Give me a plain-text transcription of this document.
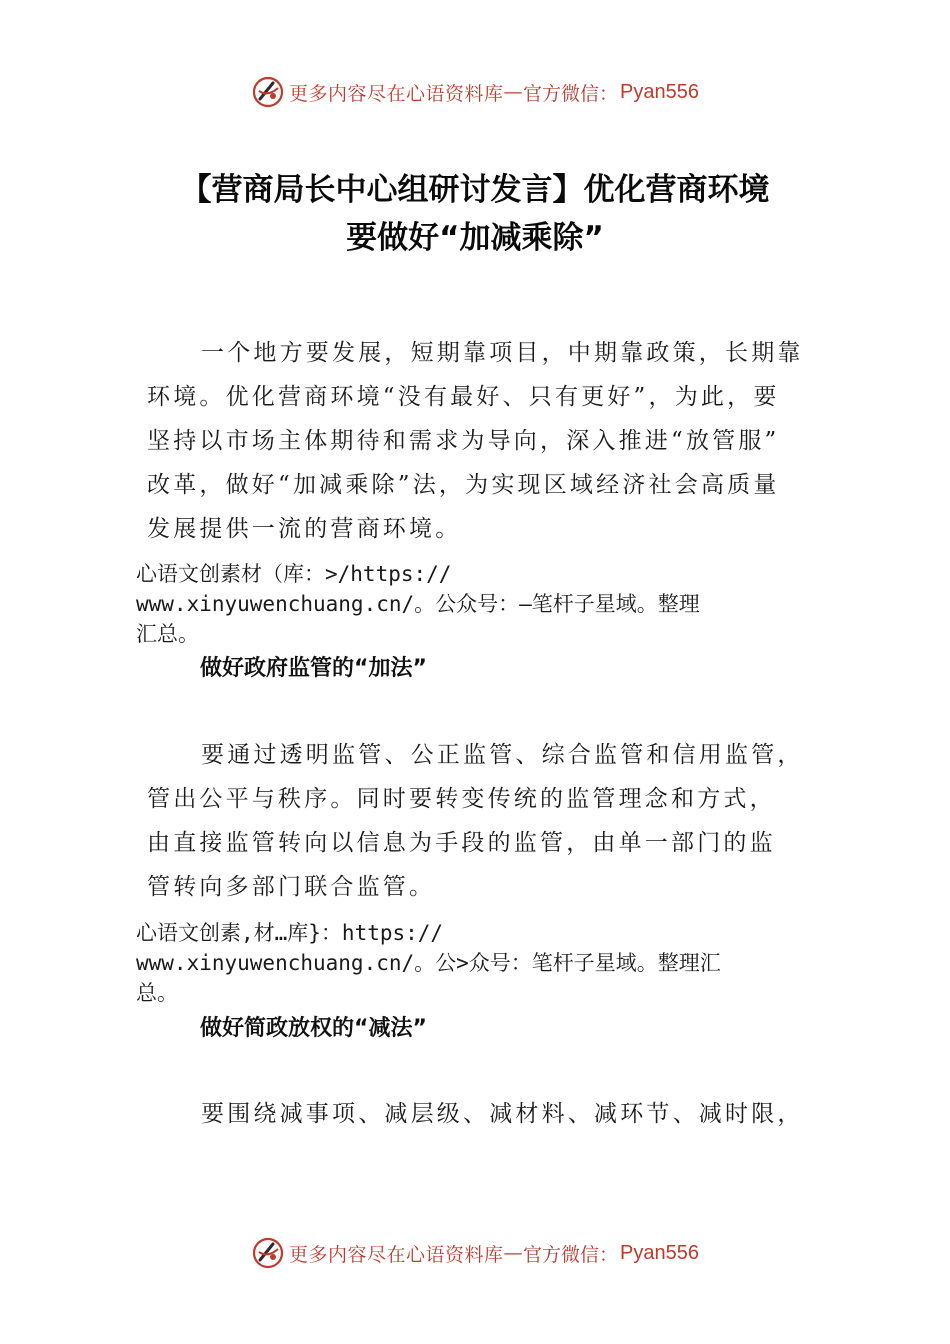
更多内容尽在心语资料库 — 官方微信： Pyan556
【营商局长中心组研讨发言】优化营商环境
要做好“加减乘除”
一个地方要发展，短期靠项目，中期靠政策，长期靠
环境。优化营商环境“没有最好、只有更好”，为此，要
坚持以市场主体期待和需求为导向，深入推进“放管服”
改革，做好“加减乘除”法，为实现区域经济社会高质量
发展提供一流的营商环境。
心语文创素材（库：>/https://
www.xinyuwenchuang.cn/。公众号：—笔杆子星域。整理
汇总。
做好政府监管的“加法”
要通过透明监管、公正监管、综合监管和信用监管，
管出公平与秩序。同时要转变传统的监管理念和方式，
由直接监管转向以信息为手段的监管，由单一部门的监
管转向多部门联合监管。
心语文创素,材…库}：https://
www.xinyuwenchuang.cn/。公>众号：笔杆子星域。整理汇
总。
做好简政放权的“减法”
要围绕减事项、减层级、减材料、减环节、减时限，
更多内容尽在心语资料库 — 官方微信： Pyan556
